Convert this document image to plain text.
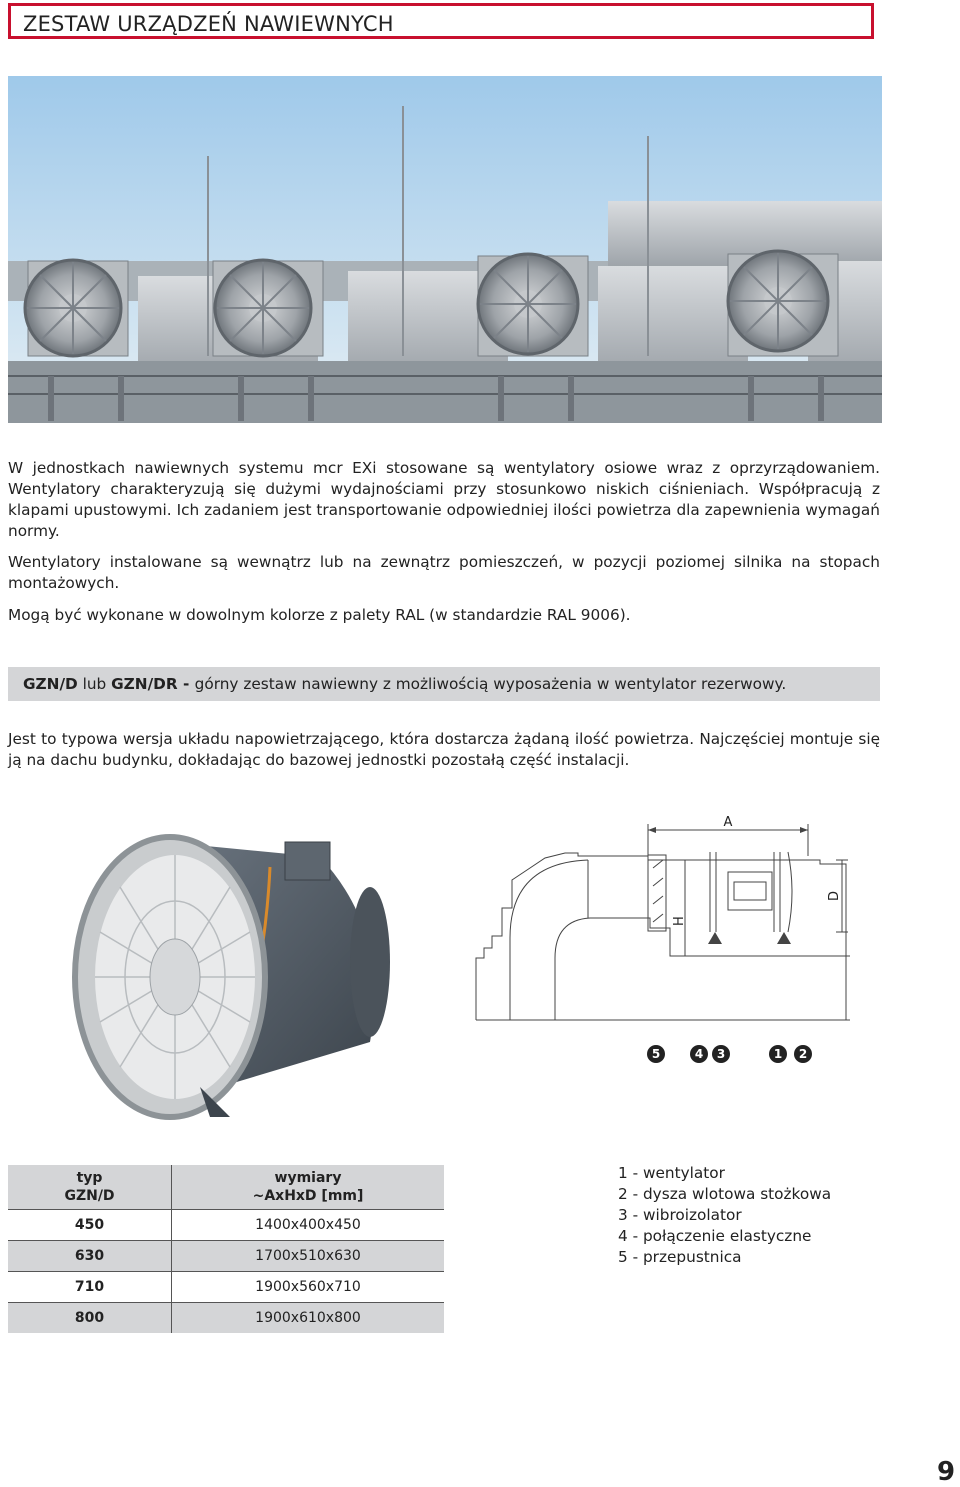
ZESTAW URZĄDZEŃ NAWIEWNYCH

W jednostkach nawiewnych systemu mcr EXi stosowane są wentylatory osiowe wraz z oprzyrządowaniem. Wentylatory charakteryzują się dużymi wydajnościami przy stosunkowo niskich ciśnieniach. Współpracują z klapami upustowymi. Ich zadaniem jest transportowanie odpowiedniej ilości powietrza dla zapewnienia wymagań normy.

Wentylatory instalowane są wewnątrz lub na zewnątrz pomieszczeń, w pozycji poziomej silnika na stopach montażowych.

Mogą być wykonane w dowolnym kolorze z palety RAL (w standardzie RAL 9006).

GZN/D lub GZN/DR - górny zestaw nawiewny z możliwością wyposażenia w wentylator rezerwowy.

Jest to typowa wersja układu napowietrzającego, która dostarcza żądaną ilość powietrza. Najczęściej montuje się ją na dachu budynku, dokładając do bazowej jednostki pozostałą część instalacji.

A
H
D
5	4 3	1 2
typ
GZN/D	wymiary
~AxHxD [mm]
450	1400x400x450
630	1700x510x630
710	1900x560x710
800	1900x610x800
1 - wentylator
2 - dysza wlotowa stożkowa
3 - wibroizolator
4 - połączenie elastyczne
5 - przepustnica
9
